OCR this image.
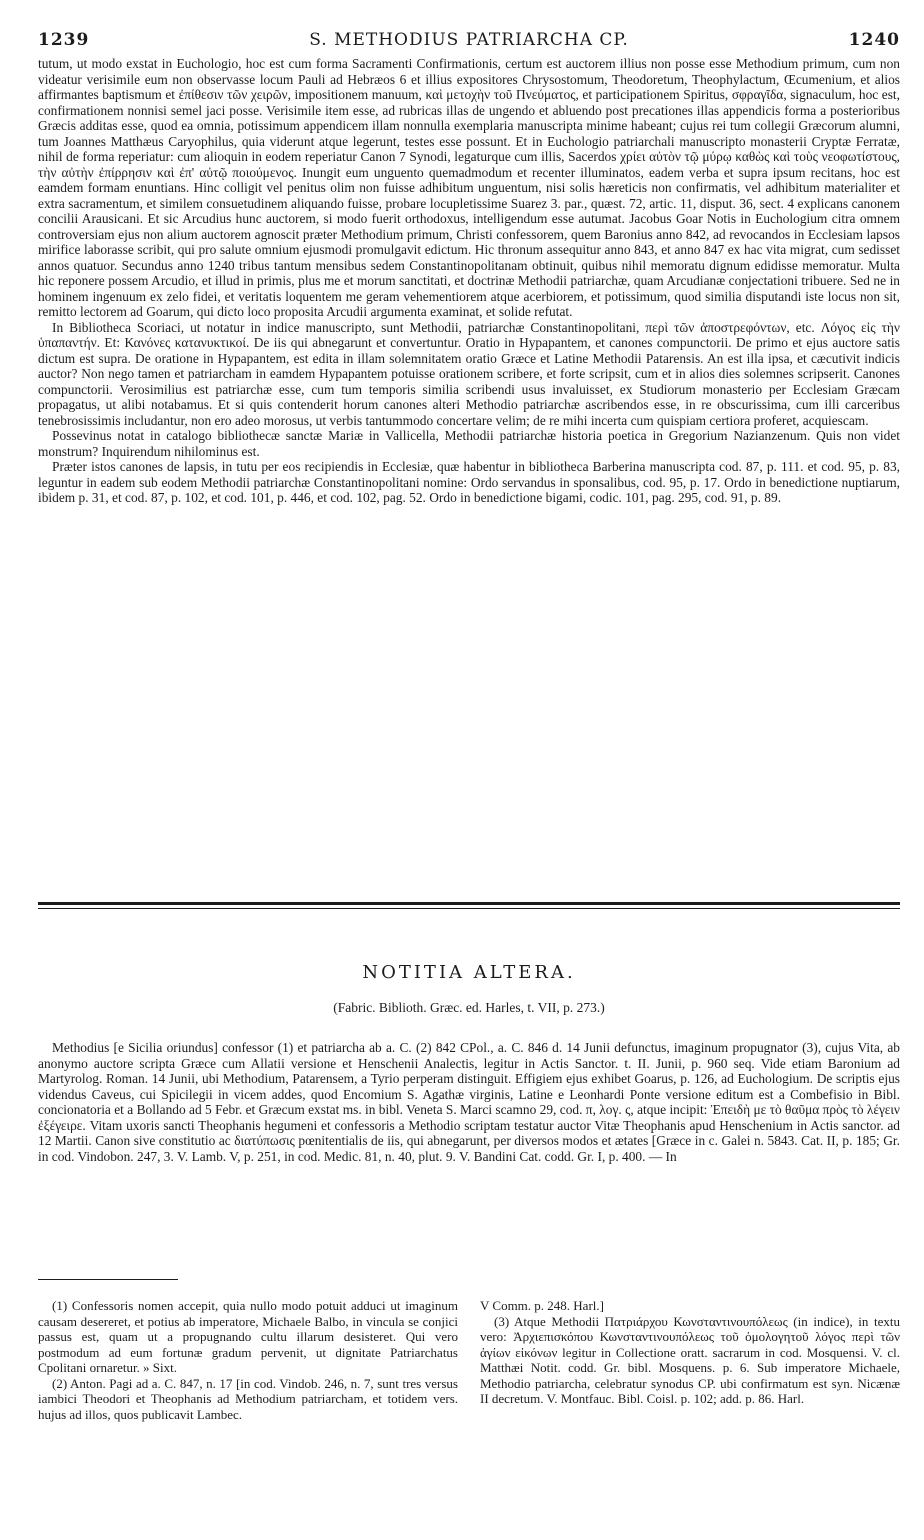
1239	S. METHODIUS PATRIARCHA CP.	1240

tutum, ut modo exstat in Euchologio, hoc est cum forma Sacramenti Confirmationis, certum est auctorem illius non posse esse Methodium primum, cum non videatur verisimile eum non observasse locum Pauli ad Hebræos 6 et illius expositores Chrysostomum, Theodoretum, Theophylactum, Œcumenium, et alios affirmantes baptismum et ἐπίθεσιν τῶν χειρῶν, impositionem manuum, καὶ μετοχὴν τοῦ Πνεύματος, et participationem Spiritus, σφραγῖδα, signaculum, hoc est, confirmationem nonnisi semel jaci posse. Verisimile item esse, ad rubricas illas de ungendo et abluendo post precationes illas appendicis forma a posterioribus Græcis additas esse, quod ea omnia, potissimum appendicem illam nonnulla exemplaria manuscripta minime habeant; cujus rei tum collegii Græcorum alumni, tum Joannes Matthæus Caryophilus, quia viderunt atque legerunt, testes esse possunt. Et in Euchologio patriarchali manuscripto monasterii Cryptæ Ferratæ, nihil de forma reperiatur: cum alioquin in eodem reperiatur Canon 7 Synodi, legaturque cum illis, Sacerdos χρίει αὐτὸν τῷ μύρῳ καθὼς καὶ τοὺς νεοφωτίστους, τὴν αὐτὴν ἐπίρρησιν καὶ ἐπ' αὐτῷ ποιούμενος. Inungit eum unguento quemadmodum et recenter illuminatos, eadem verba et supra ipsum recitans, hoc est eamdem formam enuntians. Hinc colligit vel penitus olim non fuisse adhibitum unguentum, nisi solis hæreticis non confirmatis, vel adhibitum materialiter et extra sacramentum, et similem consuetudinem aliquando fuisse, probare locupletissime Suarez 3. par., quæst. 72, artic. 11, disput. 36, sect. 4 explicans canonem concilii Arausicani. Et sic Arcudius hunc auctorem, si modo fuerit orthodoxus, intelligendum esse autumat. Jacobus Goar Notis in Euchologium citra omnem controversiam ejus non alium auctorem agnoscit præter Methodium primum, Christi confessorem, quem Baronius anno 842, ad revocandos in Ecclesiam lapsos mirifice laborasse scribit, qui pro salute omnium ejusmodi promulgavit edictum. Hic thronum assequitur anno 843, et anno 847 ex hac vita migrat, cum sedisset annos quatuor. Secundus anno 1240 tribus tantum mensibus sedem Constantinopolitanam obtinuit, quibus nihil memoratu dignum edidisse memoratur. Multa hic reponere possem Arcudio, et illud in primis, plus me et morum sanctitati, et doctrinæ Methodii patriarchæ, quam Arcudianæ conjectationi tribuere. Sed ne in hominem ingenuum ex zelo fidei, et veritatis loquentem me geram vehementiorem atque acerbiorem, et potissimum, quod similia disputandi iste locus non sit, remitto lectorem ad Goarum, qui dicto loco proposita Arcudii argumenta examinat, et solide refutat.

In Bibliotheca Scoriaci, ut notatur in indice manuscripto, sunt Methodii, patriarchæ Constantinopolitani, περὶ τῶν ἀποστρεφόντων, etc. Λόγος εἰς τὴν ὑπαπαντήν. Et: Κανόνες κατανυκτικοί. De iis qui abnegarunt et convertuntur. Oratio in Hypapantem, et canones compunctorii. De primo et ejus auctore satis dictum est supra. De oratione in Hypapantem, est edita in illam solemnitatem oratio Græce et Latine Methodii Patarensis. An est illa ipsa, et cæcutivit indicis auctor? Non nego tamen et patriarcham in eamdem Hypapantem potuisse orationem scribere, et forte scripsit, cum et in alios dies solemnes scripserit. Canones compunctorii. Verosimilius est patriarchæ esse, cum tum temporis similia scribendi usus invaluisset, ex Studiorum monasterio per Ecclesiam Græcam propagatus, ut alibi notabamus. Et si quis contenderit horum canones alteri Methodio patriarchæ ascribendos esse, in re obscurissima, cum illi carceribus tenebrosissimis includantur, non ero adeo morosus, ut verbis tantummodo concertare velim; de re mihi incerta cum quispiam certiora proferet, acquiescam.

Possevinus notat in catalogo bibliothecæ sanctæ Mariæ in Vallicella, Methodii patriarchæ historia poetica in Gregorium Nazianzenum. Quis non videt monstrum? Inquirendum nihilominus est.

Præter istos canones de lapsis, in tutu per eos recipiendis in Ecclesiæ, quæ habentur in bibliotheca Barberina manuscripta cod. 87, p. 111. et cod. 95, p. 83, leguntur in eadem sub eodem Methodii patriarchæ Constantinopolitani nomine: Ordo servandus in sponsalibus, cod. 95, p. 17. Ordo in benedictione nuptiarum, ibidem p. 31, et cod. 87, p. 102, et cod. 101, p. 446, et cod. 102, pag. 52. Ordo in benedictione bigami, codic. 101, pag. 295, cod. 91, p. 89.

NOTITIA ALTERA.
(Fabric. Biblioth. Græc. ed. Harles, t. VII, p. 273.)

Methodius [e Sicilia oriundus] confessor (1) et patriarcha ab a. C. (2) 842 CPol., a. C. 846 d. 14 Junii defunctus, imaginum propugnator (3), cujus Vita, ab anonymo auctore scripta Græce cum Allatii versione et Henschenii Analectis, legitur in Actis Sanctor. t. II. Junii, p. 960 seq. Vide etiam Baronium ad Martyrolog. Roman. 14 Junii, ubi Methodium, Patarensem, a Tyrio perperam distinguit. Effigiem ejus exhibet Goarus, p. 126, ad Euchologium. De scriptis ejus videndus Caveus, cui Spicilegii in vicem addes, quod Encomium S. Agathæ virginis, Latine e Leonhardi Ponte versione editum est a Combefisio in Bibl. concionatoria et a Bollando ad 5 Febr. et Græcum exstat ms. in bibl. Veneta S. Marci scamno 29, cod. π, λογ. ς, atque incipit: Ἐπειδὴ με τὸ θαῦμα πρὸς τὸ λέγειν ἐξέγειρε. Vitam uxoris sancti Theophanis hegumeni et confessoris a Methodio scriptam testatur auctor Vitæ Theophanis apud Henschenium in Actis sanctor. ad 12 Martii. Canon sive constitutio ac διατύπωσις pœnitentialis de iis, qui abnegarunt, per diversos modos et ætates [Græce in c. Galei n. 5843. Cat. II, p. 185; Gr. in cod. Vindobon. 247, 3. V. Lamb. V, p. 251, in cod. Medic. 81, n. 40, plut. 9. V. Bandini Cat. codd. Gr. I, p. 400. — In

(1) Confessoris nomen accepit, quia nullo modo potuit adduci ut imaginum causam desereret, et potius ab imperatore, Michaele Balbo, in vincula se conjici passus est, quam ut a propugnando cultu illarum desisteret. Qui vero postmodum ad eum fortunæ gradum pervenit, ut dignitate Patriarchatus Cpolitani ornaretur. » Sixt.

(2) Anton. Pagi ad a. C. 847, n. 17 [in cod. Vindob. 246, n. 7, sunt tres versus iambici Theodori et Theophanis ad Methodium patriarcham, et totidem vers. hujus ad illos, quos publicavit Lambec.

V Comm. p. 248. Harl.]

(3) Atque Methodii Πατριάρχου Κωνσταντινουπόλεως (in indice), in textu vero: Ἀρχιεπισκόπου Κωνσταντινουπόλεως τοῦ ὁμολογητοῦ λόγος περὶ τῶν ἁγίων εἰκόνων legitur in Collectione oratt. sacrarum in cod. Mosquensi. V. cl. Matthæi Notit. codd. Gr. bibl. Mosquens. p. 6. Sub imperatore Michaele, Methodio patriarcha, celebratur synodus CP. ubi confirmatum est syn. Nicænæ II decretum. V. Montfauc. Bibl. Coisl. p. 102; add. p. 86. Harl.
